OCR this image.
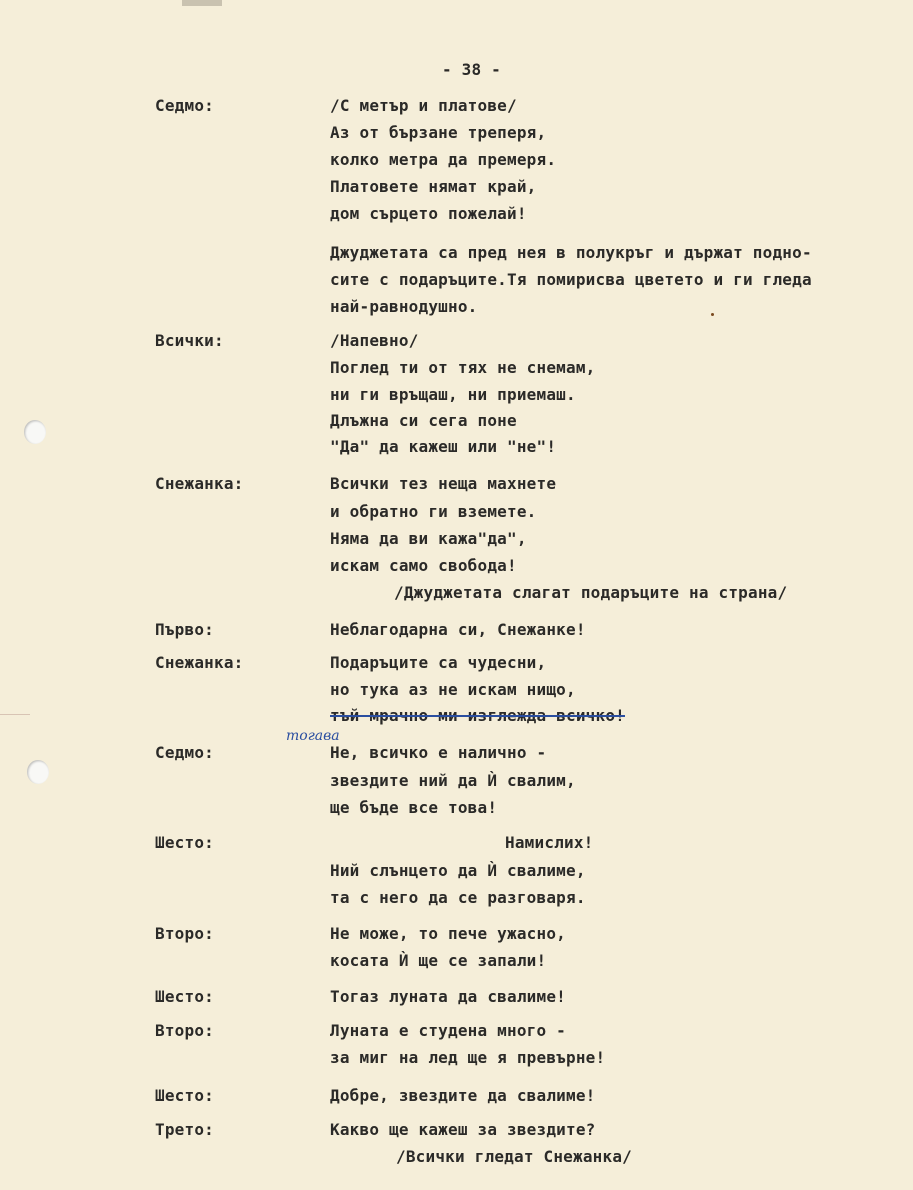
- 38 -
Седмо:	/С метър и платове/
Аз от бързане треперя,
колко метра да премеря.
Платовете нямат край,
дом сърцето пожелай!
Джуджетата са пред нея в полукръг и държат подно-
сите с подаръците.Тя помирисва цветето и ги гледа
най-равнодушно.
Всички:	/Напевно/
Поглед ти от тях не снемам,
ни ги връщаш, ни приемаш.
Длъжна си сега поне
"Да" да кажеш или "не"!
Снежанка:	Всички тез неща махнете
и обратно ги вземете.
Няма да ви кажа"да",
искам само свобода!
/Джуджетата слагат подаръците на страна/
Първо:	Неблагодарна си, Снежанке!
Снежанка:	Подаръците са чудесни,
но тука аз не искам нищо,
тъй мрачно ми изглежда всичко!
тогава
Седмо:	Не, всичко е налично -
звездите ний да Ѝ свалим,
ще бъде все това!
Шесто:	Намислих!
Ний слънцето да Ѝ свалиме,
та с него да се разговаря.
Второ:	Не може, то пече ужасно,
косата Ѝ ще се запали!
Шесто:	Тогаз луната да свалиме!
Второ:	Луната е студена много -
за миг на лед ще я превърне!
Шесто:	Добре, звездите да свалиме!
Трето:	Какво ще кажеш за звездите?
/Всички гледат Снежанка/
